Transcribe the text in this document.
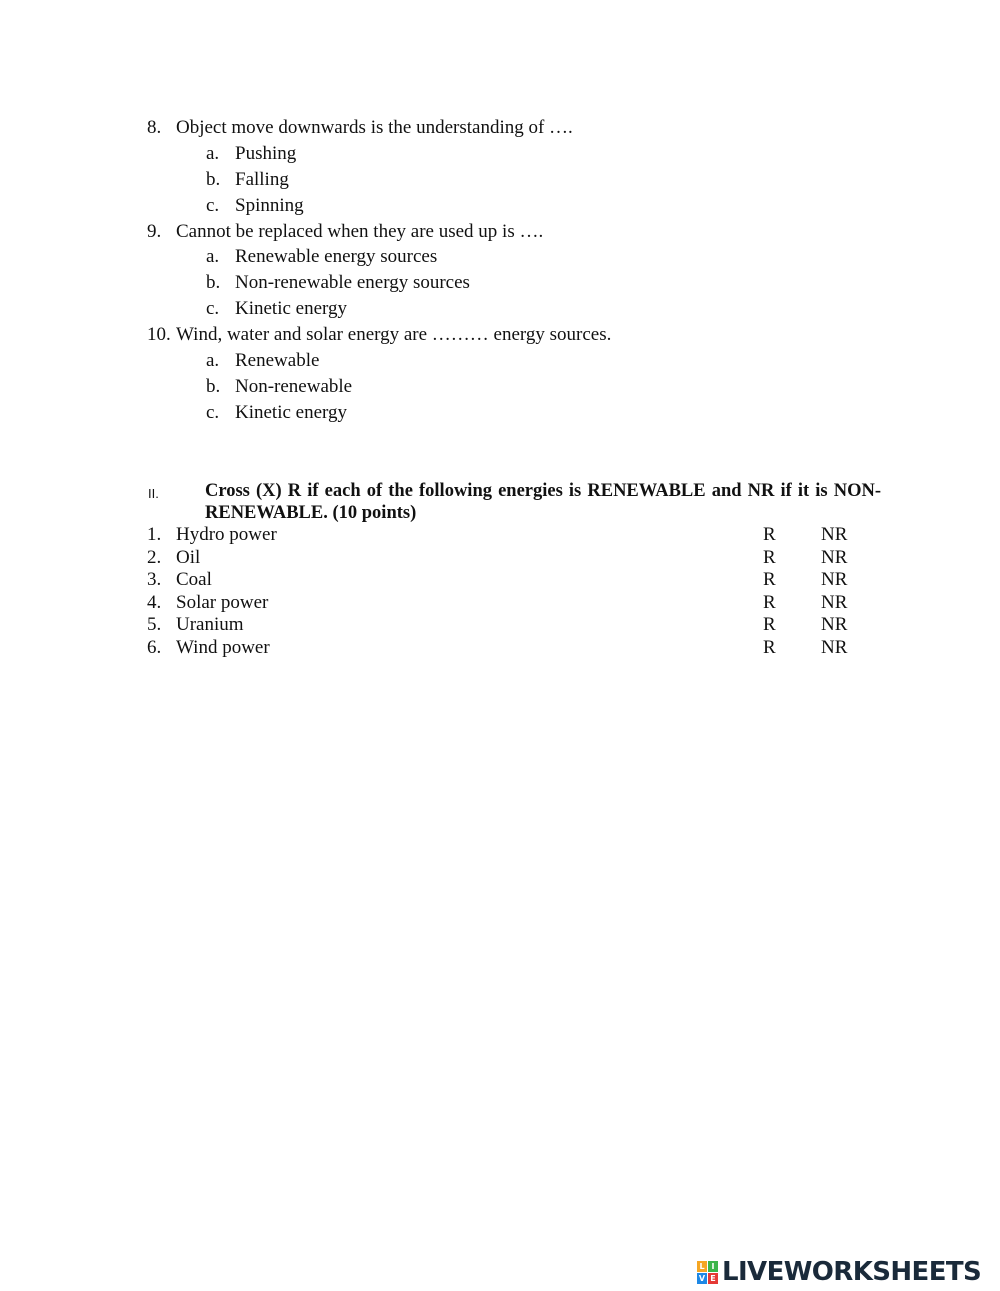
8. Object move downwards is the understanding of ….
a. Pushing
b. Falling
c. Spinning
9. Cannot be replaced when they are used up is ….
a. Renewable energy sources
b. Non-renewable energy sources
c. Kinetic energy
10. Wind, water and solar energy are ……… energy sources.
a. Renewable
b. Non-renewable
c. Kinetic energy
II. Cross (X) R if each of the following energies is RENEWABLE and NR if it is NON-RENEWABLE. (10 points)
1. Hydro power	R NR
2. Oil	R NR
3. Coal	R NR
4. Solar power	R NR
5. Uranium	R NR
6. Wind power	R NR
L I
V E LIVEWORKSHEETS
